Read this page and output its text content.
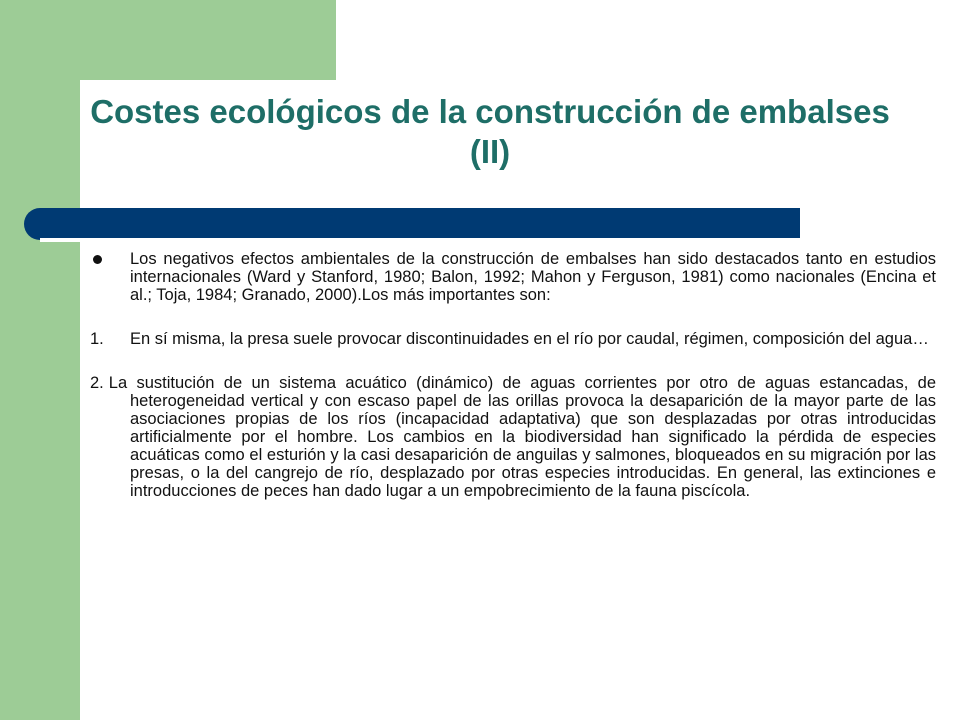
Costes ecológicos de la construcción de embalses (II)

Los negativos efectos ambientales de la construcción de embalses han sido destacados tanto en estudios internacionales (Ward y Stanford, 1980; Balon, 1992; Mahon y Ferguson, 1981) como nacionales (Encina et al.; Toja, 1984; Granado, 2000).Los más importantes son:

1. En sí misma, la presa suele provocar discontinuidades en el río por caudal, régimen, composición del agua…

2. La sustitución de un sistema acuático (dinámico) de aguas corrientes por otro de aguas estancadas, de heterogeneidad vertical y con escaso papel de las orillas provoca la desaparición de la mayor parte de las asociaciones propias de los ríos (incapacidad adaptativa) que son desplazadas por otras introducidas artificialmente por el hombre. Los cambios en la biodiversidad han significado la pérdida de especies acuáticas como el esturión y la casi desaparición de anguilas y salmones, bloqueados en su migración por las presas, o la del cangrejo de río, desplazado por otras especies introducidas. En general, las extinciones e introducciones de peces han dado lugar a un empobrecimiento de la fauna piscícola.
